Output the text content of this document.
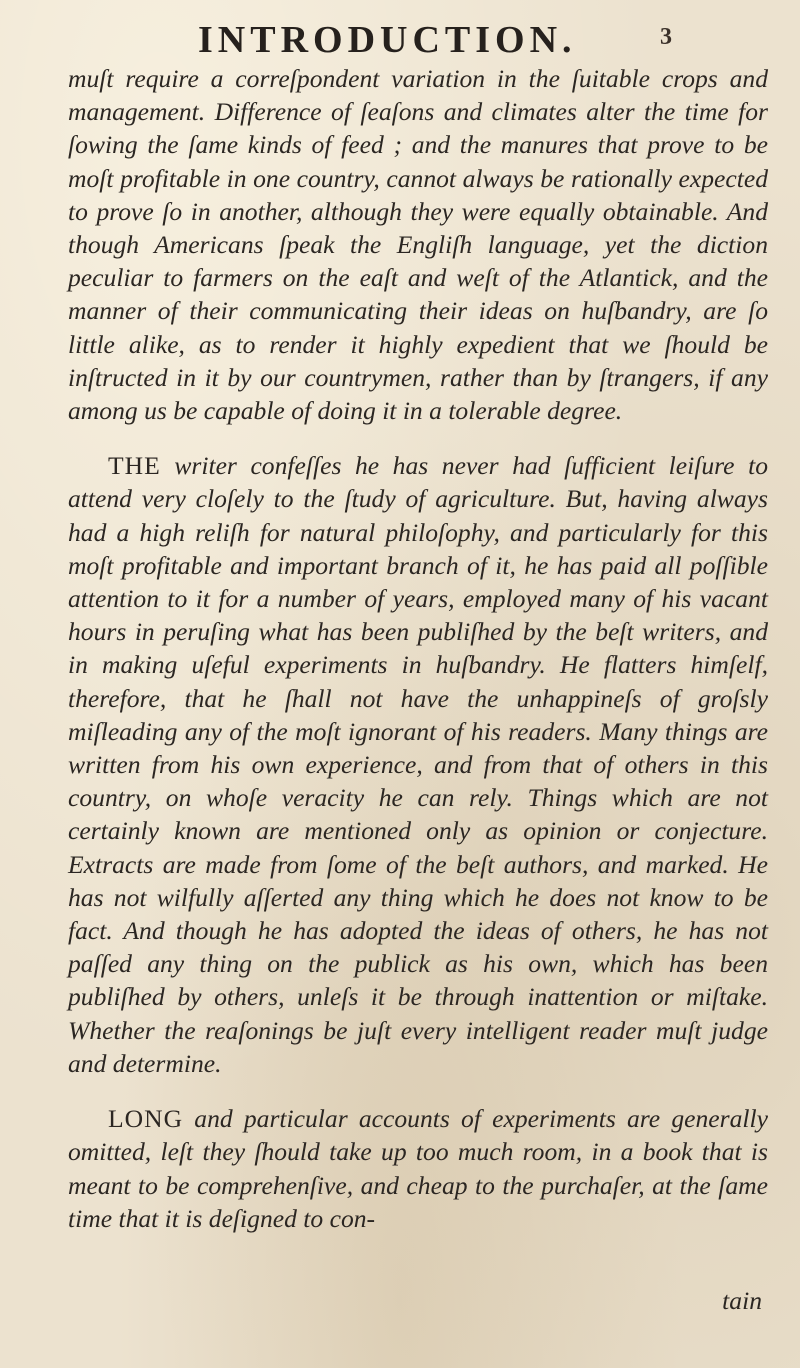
INTRODUCTION.	3

muſt require a correſpondent variation in the ſuitable crops and management. Difference of ſeaſons and climates alter the time for ſowing the ſame kinds of feed ; and the manures that prove to be moſt profitable in one country, cannot always be rationally expected to prove ſo in another, although they were equally obtainable. And though Americans ſpeak the Engliſh language, yet the diction peculiar to farmers on the eaſt and weſt of the Atlantick, and the manner of their communicating their ideas on huſbandry, are ſo little alike, as to render it highly expedient that we ſhould be inſtructed in it by our countrymen, rather than by ſtrangers, if any among us be capable of doing it in a tolerable degree.

THE writer confeſſes he has never had ſufficient leiſure to attend very cloſely to the ſtudy of agriculture. But, having always had a high reliſh for natural philoſophy, and particularly for this moſt profitable and important branch of it, he has paid all poſſible attention to it for a number of years, employed many of his vacant hours in peruſing what has been publiſhed by the beſt writers, and in making uſeful experiments in huſbandry. He flatters himſelf, therefore, that he ſhall not have the unhappineſs of groſsly miſleading any of the moſt ignorant of his readers. Many things are written from his own experience, and from that of others in this country, on whoſe veracity he can rely. Things which are not certainly known are mentioned only as opinion or conjecture. Extracts are made from ſome of the beſt authors, and marked. He has not wilfully aſſerted any thing which he does not know to be fact. And though he has adopted the ideas of others, he has not paſſed any thing on the publick as his own, which has been publiſhed by others, unleſs it be through inattention or miſtake. Whether the reaſonings be juſt every intelligent reader muſt judge and determine.

LONG and particular accounts of experiments are generally omitted, leſt they ſhould take up too much room, in a book that is meant to be comprehenſive, and cheap to the purchaſer, at the ſame time that it is deſigned to con-

tain
